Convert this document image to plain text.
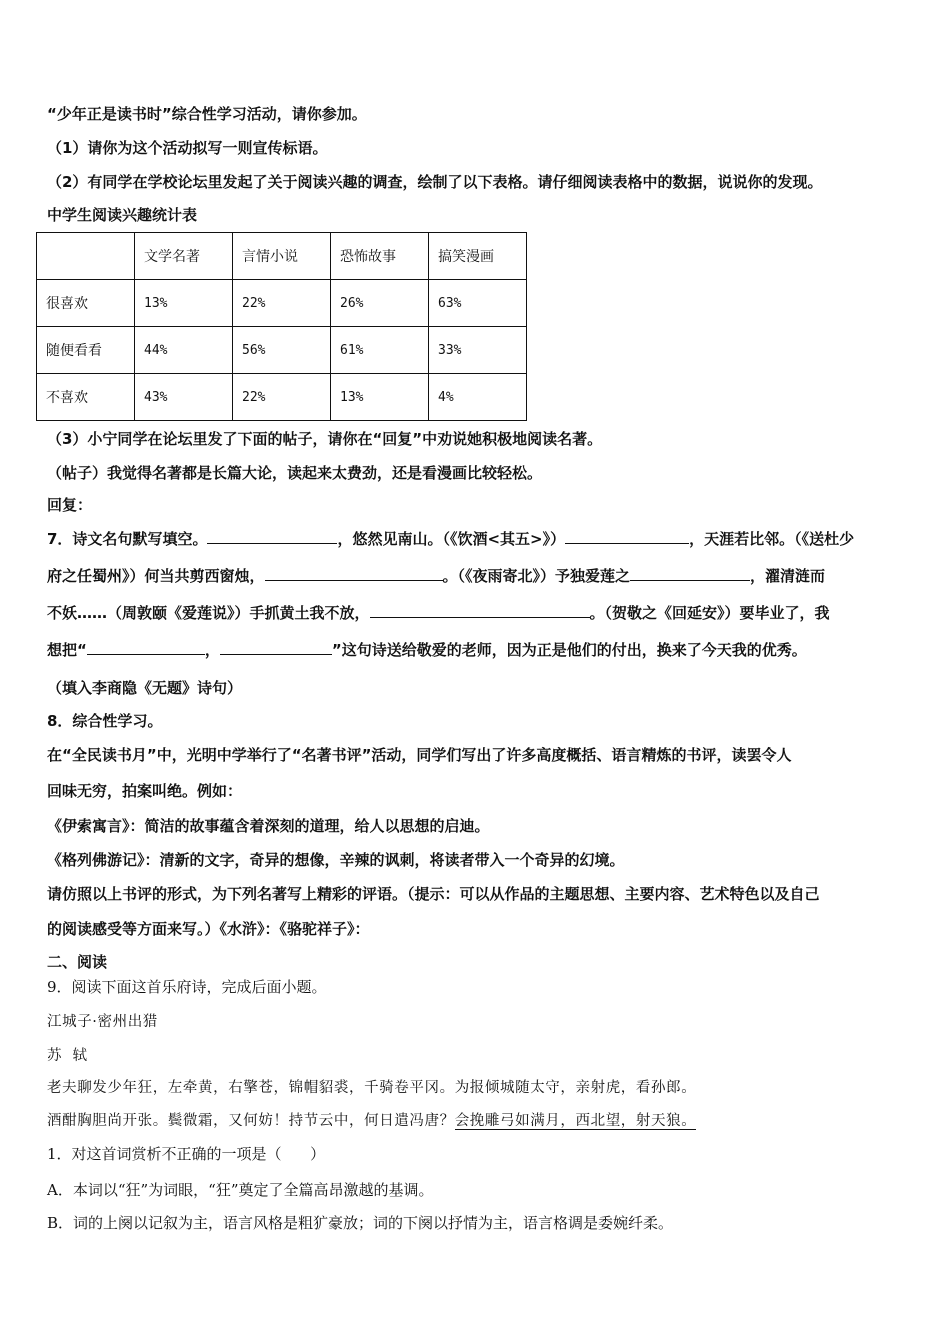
“少年正是读书时”综合性学习活动，请你参加。
（1）请你为这个活动拟写一则宣传标语。
（2）有同学在学校论坛里发起了关于阅读兴趣的调查，绘制了以下表格。请仔细阅读表格中的数据，说说你的发现。
中学生阅读兴趣统计表
	文学名著	言情小说	恐怖故事	搞笑漫画
很喜欢	13%	22%	26%	63%
随便看看	44%	56%	61%	33%
不喜欢	43%	22%	13%	4%
（3）小宁同学在论坛里发了下面的帖子，请你在“回复”中劝说她积极地阅读名著。
（帖子）我觉得名著都是长篇大论，读起来太费劲，还是看漫画比较轻松。
回复：
7．诗文名句默写填空。	，悠然见南山。（《饮酒<其五>》）	，天涯若比邻。（《送杜少
府之任蜀州》）何当共剪西窗烛，	。（《夜雨寄北》）予独爱莲之	，濯清涟而
不妖……（周敦颐《爱莲说》）手抓黄土我不放，	。（贺敬之《回延安》）要毕业了，我
想把“	，	”这句诗送给敬爱的老师，因为正是他们的付出，换来了今天我的优秀。
（填入李商隐《无题》诗句）
8．综合性学习。
在“全民读书月”中，光明中学举行了“名著书评”活动，同学们写出了许多高度概括、语言精炼的书评，读罢令人
回味无穷，拍案叫绝。例如：
《伊索寓言》：简洁的故事蕴含着深刻的道理，给人以思想的启迪。
《格列佛游记》：清新的文字，奇异的想像，辛辣的讽刺，将读者带入一个奇异的幻境。
请仿照以上书评的形式，为下列名著写上精彩的评语。（提示：可以从作品的主题思想、主要内容、艺术特色以及自己
的阅读感受等方面来写。）《水浒》：《骆驼祥子》：
二、阅读
9．阅读下面这首乐府诗，完成后面小题。
江城子·密州出猎
苏  轼
老夫聊发少年狂，左牵黄，右擎苍，锦帽貂裘，千骑卷平冈。为报倾城随太守，亲射虎，看孙郎。
酒酣胸胆尚开张。鬓微霜，又何妨！持节云中，何日遣冯唐？会挽雕弓如满月，西北望，射天狼。
1．对这首词赏析不正确的一项是（      ）
A．本词以“狂”为词眼，“狂”奠定了全篇高昂激越的基调。
B．词的上阕以记叙为主，语言风格是粗犷豪放；词的下阕以抒情为主，语言格调是委婉纤柔。
